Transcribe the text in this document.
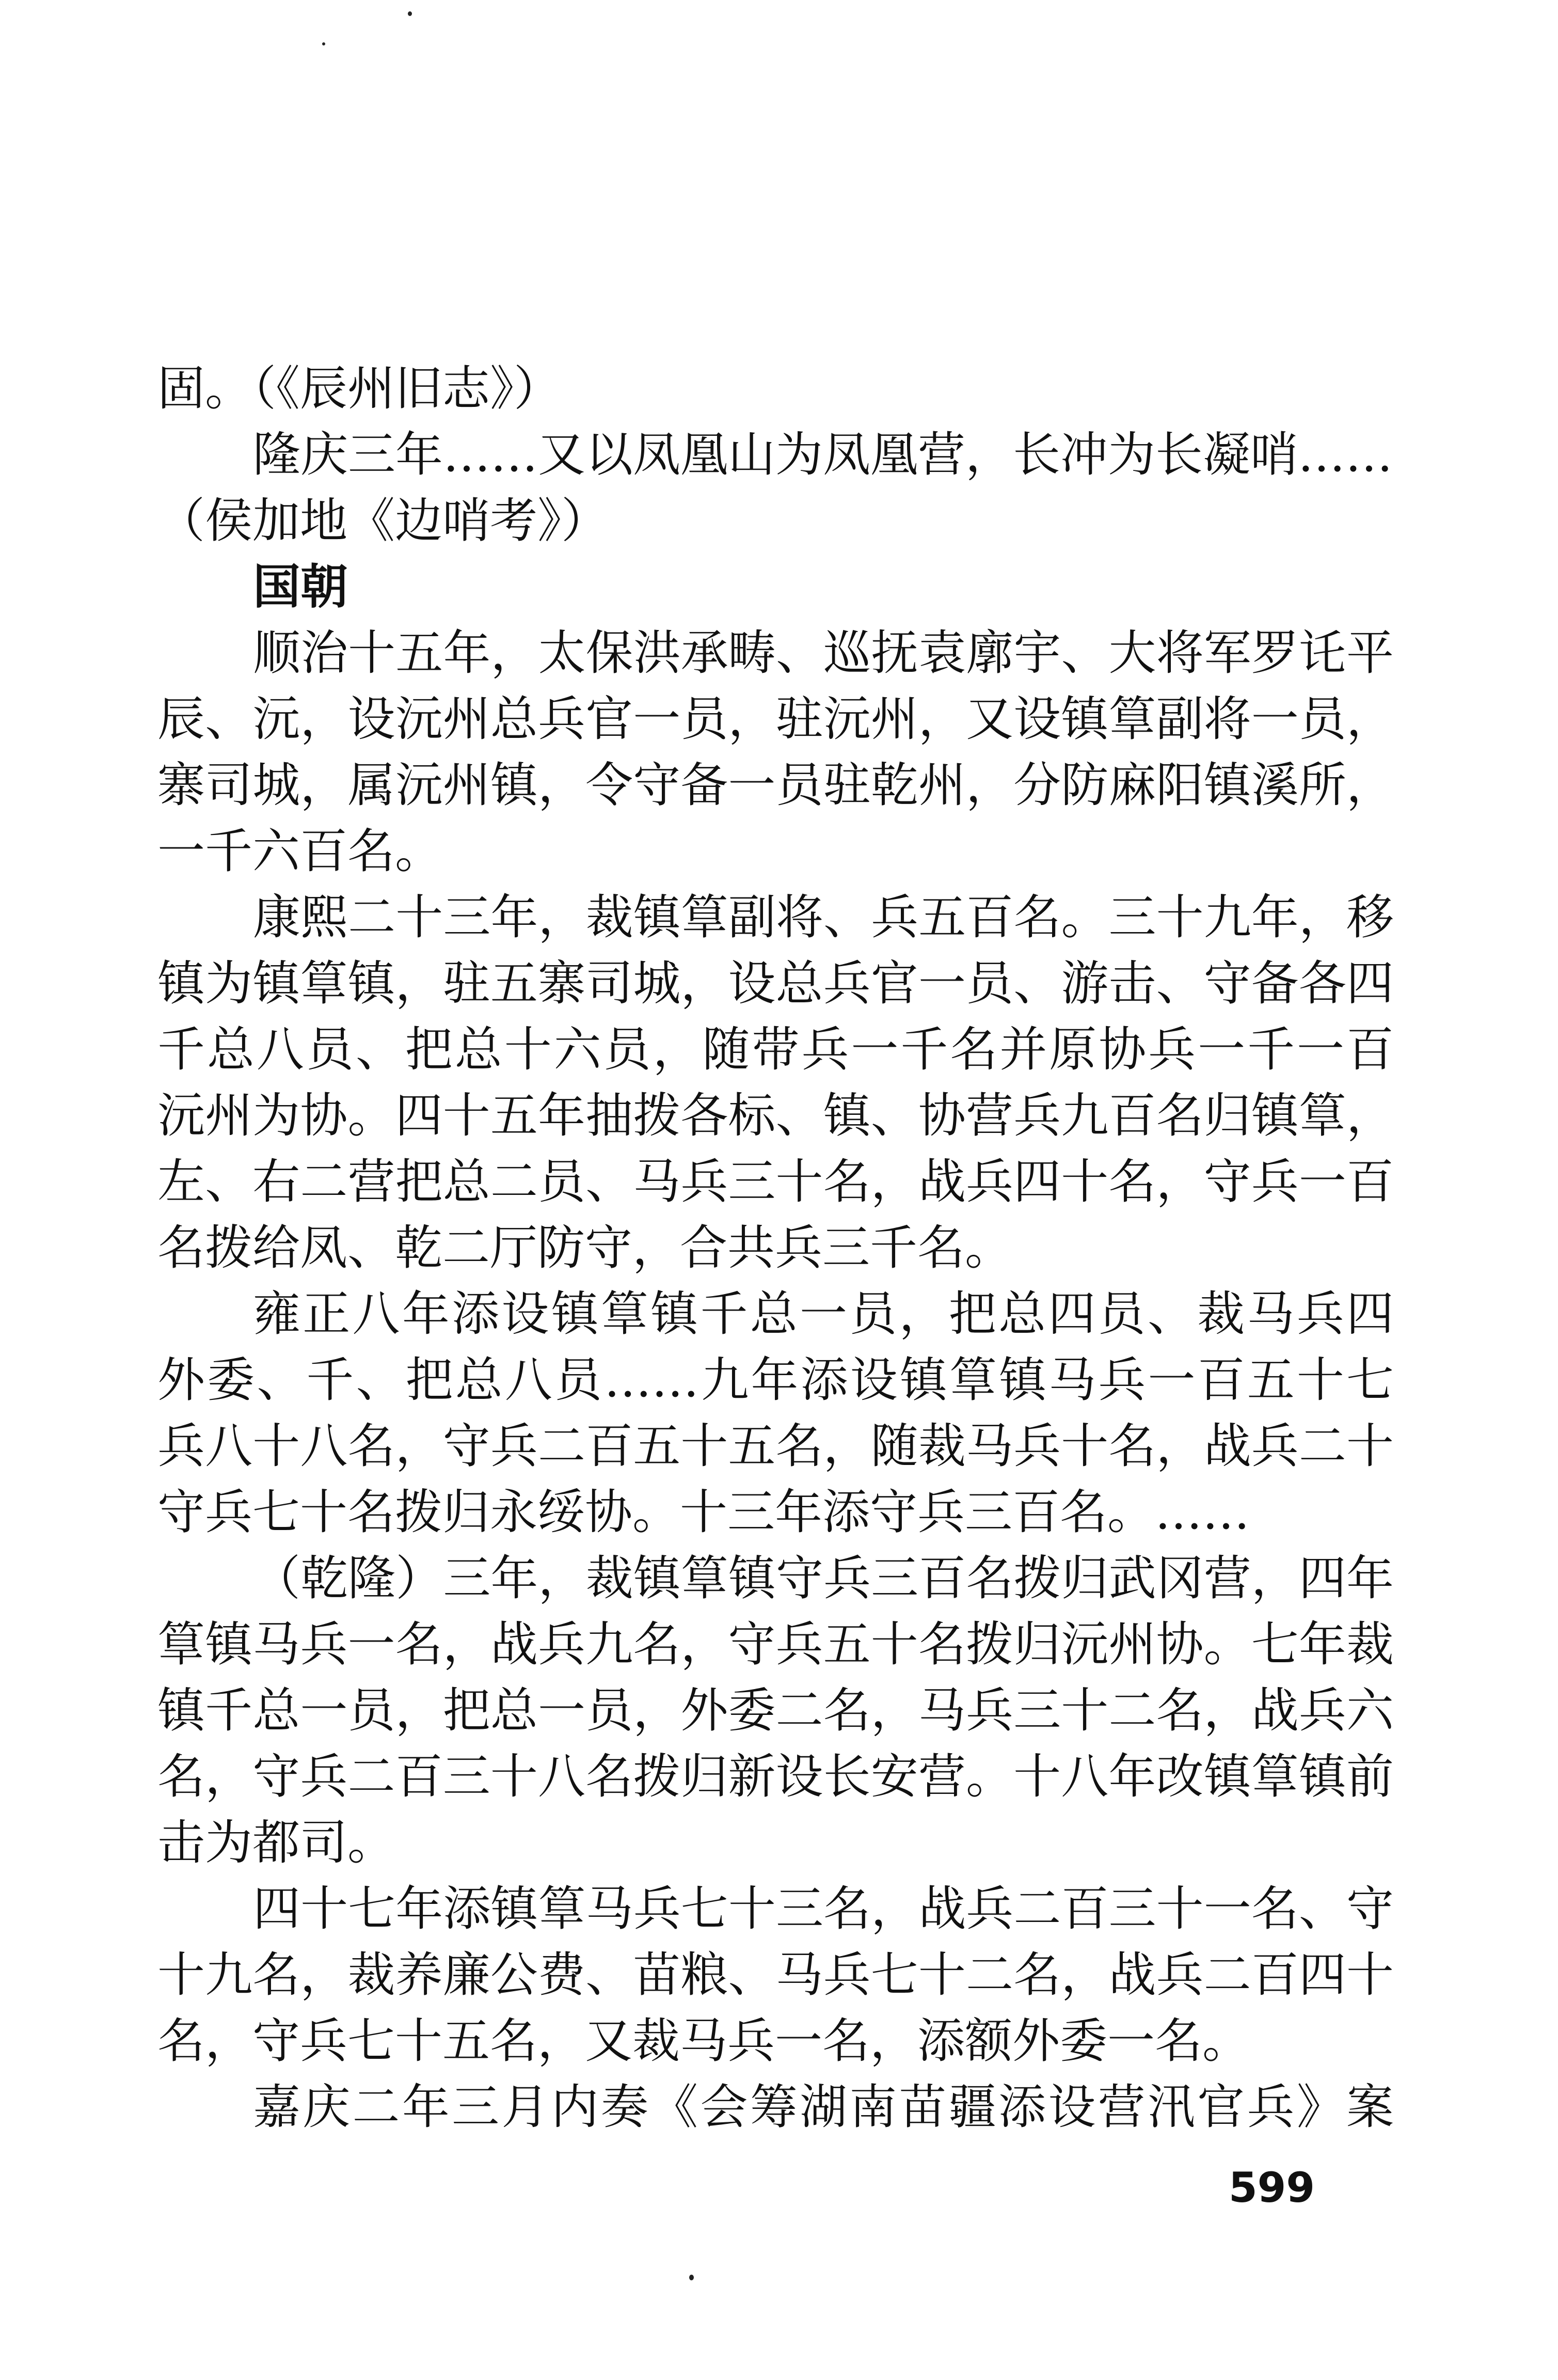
固。（《辰州旧志》）
隆庆三年……又以凤凰山为凤凰营，长冲为长凝哨……
（侯加地《边哨考》）
国朝
顺治十五年，太保洪承畴、巡抚袁廓宇、大将军罗讬平
辰、沅，设沅州总兵官一员，驻沅州，又设镇筸副将一员，
寨司城，属沅州镇，令守备一员驻乾州，分防麻阳镇溪所，
一千六百名。
康熙二十三年，裁镇筸副将、兵五百名。三十九年，移
镇为镇筸镇，驻五寨司城，设总兵官一员、游击、守备各四
千总八员、把总十六员，随带兵一千名并原协兵一千一百
沅州为协。四十五年抽拨各标、镇、协营兵九百名归镇筸，
左、右二营把总二员、马兵三十名，战兵四十名，守兵一百
名拨给凤、乾二厅防守，合共兵三千名。
雍正八年添设镇筸镇千总一员，把总四员、裁马兵四
外委、千、把总八员……九年添设镇筸镇马兵一百五十七
兵八十八名，守兵二百五十五名，随裁马兵十名，战兵二十
守兵七十名拨归永绥协。十三年添守兵三百名。……
（乾隆）三年，裁镇筸镇守兵三百名拨归武冈营，四年
筸镇马兵一名，战兵九名，守兵五十名拨归沅州协。七年裁
镇千总一员，把总一员，外委二名，马兵三十二名，战兵六
名，守兵二百三十八名拨归新设长安营。十八年改镇筸镇前
击为都司。
四十七年添镇筸马兵七十三名，战兵二百三十一名、守
十九名，裁养廉公费、苗粮、马兵七十二名，战兵二百四十
名，守兵七十五名，又裁马兵一名，添额外委一名。
嘉庆二年三月内奏《会筹湖南苗疆添设营汛官兵》案
599
